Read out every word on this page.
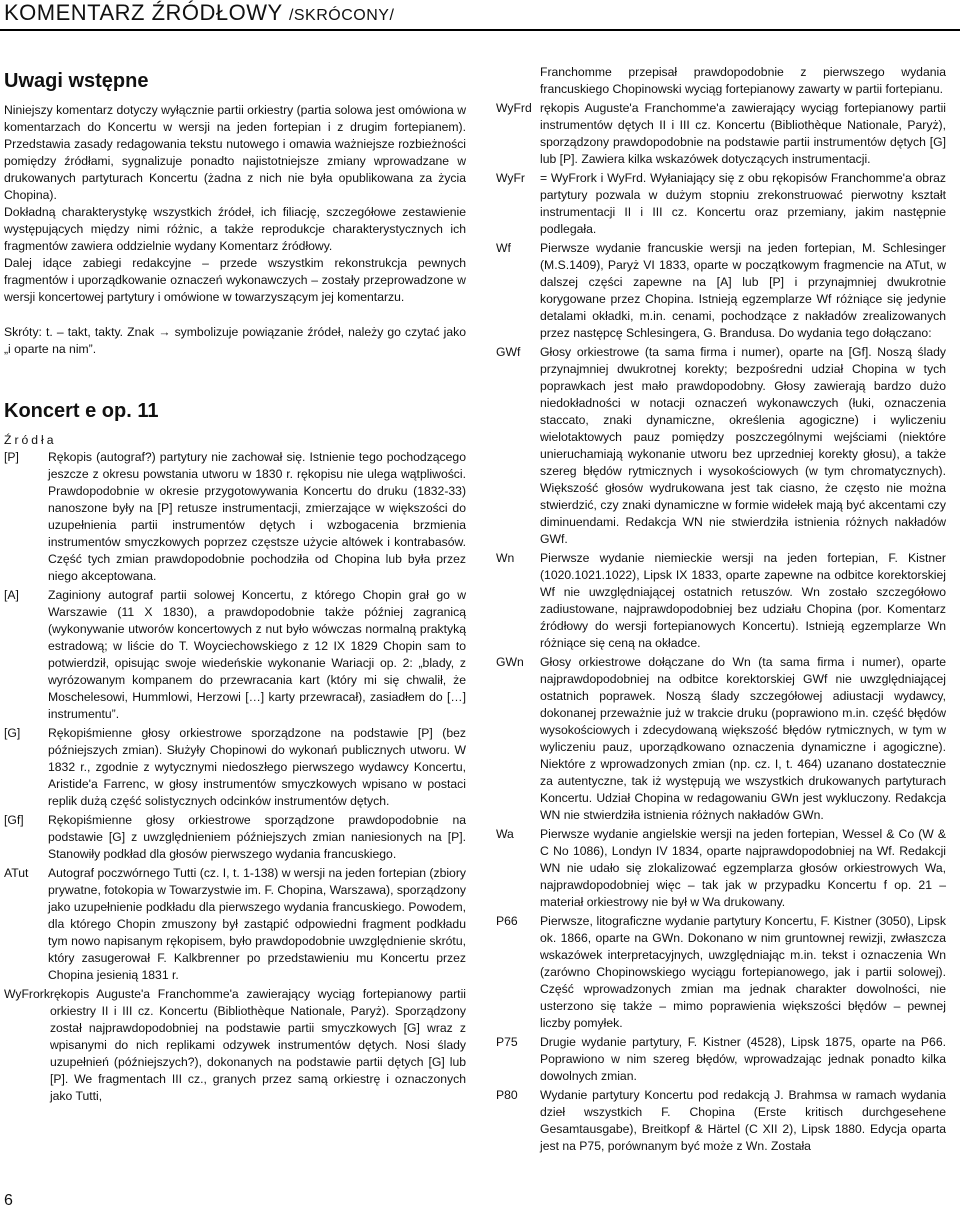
KOMENTARZ ŹRÓDŁOWY /SKRÓCONY/
Uwagi wstępne

Niniejszy komentarz dotyczy wyłącznie partii orkiestry (partia solowa jest omówiona w komentarzach do Koncertu w wersji na jeden fortepian i z drugim fortepianem). Przedstawia zasady redagowania tekstu nutowego i omawia ważniejsze rozbieżności pomiędzy źródłami, sygnalizuje ponadto najistotniejsze zmiany wprowadzane w drukowanych partyturach Koncertu (żadna z nich nie była opublikowana za życia Chopina).

Dokładną charakterystykę wszystkich źródeł, ich filiację, szczegółowe zestawienie występujących między nimi różnic, a także reprodukcje charakterystycznych ich fragmentów zawiera oddzielnie wydany Komentarz źródłowy.

Dalej idące zabiegi redakcyjne – przede wszystkim rekonstrukcja pewnych fragmentów i uporządkowanie oznaczeń wykonawczych – zostały przeprowadzone w wersji koncertowej partytury i omówione w towarzyszącym jej komentarzu.

Skróty: t. – takt, takty. Znak → symbolizuje powiązanie źródeł, należy go czytać jako „i oparte na nim”.

Koncert e op. 11

Źródła

[P]	Rękopis (autograf?) partytury nie zachował się. Istnienie tego pochodzącego jeszcze z okresu powstania utworu w 1830 r. rękopisu nie ulega wątpliwości. Prawdopodobnie w okresie przygotowywania Koncertu do druku (1832-33) nanoszone były na [P] retusze instrumentacji, zmierzające w większości do uzupełnienia partii instrumentów dętych i wzbogacenia brzmienia instrumentów smyczkowych poprzez częstsze użycie altówek i kontrabasów. Część tych zmian prawdopodobnie pochodziła od Chopina lub była przez niego akceptowana.
[A]	Zaginiony autograf partii solowej Koncertu, z którego Chopin grał go w Warszawie (11 X 1830), a prawdopodobnie także później zagranicą (wykonywanie utworów koncertowych z nut było wówczas normalną praktyką estradową; w liście do T. Woyciechowskiego z 12 IX 1829 Chopin sam to potwierdził, opisując swoje wiedeńskie wykonanie Wariacji op. 2: „blady, z wyrózowanym kompanem do przewracania kart (który mi się chwalił, że Moschelesowi, Hummlowi, Herzowi […] karty przewracał), zasiadłem do […] instrumentu”.
[G]	Rękopiśmienne głosy orkiestrowe sporządzone na podstawie [P] (bez późniejszych zmian). Służyły Chopinowi do wykonań publicznych utworu. W 1832 r., zgodnie z wytycznymi niedoszłego pierwszego wydawcy Koncertu, Aristide'a Farrenc, w głosy instrumentów smyczkowych wpisano w postaci replik dużą część solistycznych odcinków instrumentów dętych.
[Gf]	Rękopiśmienne głosy orkiestrowe sporządzone prawdopodobnie na podstawie [G] z uwzględnieniem późniejszych zmian naniesionych na [P]. Stanowiły podkład dla głosów pierwszego wydania francuskiego.
ATut	Autograf poczwórnego Tutti (cz. I, t. 1-138) w wersji na jeden fortepian (zbiory prywatne, fotokopia w Towarzystwie im. F. Chopina, Warszawa), sporządzony jako uzupełnienie podkładu dla pierwszego wydania francuskiego. Powodem, dla którego Chopin zmuszony był zastąpić odpowiedni fragment podkładu tym nowo napisanym rękopisem, było prawdopodobnie uwzględnienie skrótu, który zasugerował F. Kalkbrenner po przedstawieniu mu Koncertu przez Chopina jesienią 1831 r.
WyFrork rękopis Auguste'a Franchomme'a zawierający wyciąg fortepianowy partii orkiestry II i III cz. Koncertu (Bibliothèque Nationale, Paryż). Sporządzony został najprawdopodobniej na podstawie partii smyczkowych [G] wraz z wpisanymi do nich replikami odzywek instrumentów dętych. Nosi ślady uzupełnień (późniejszych?), dokonanych na podstawie partii dętych [G] lub [P]. We fragmentach III cz., granych przez samą orkiestrę i oznaczonych jako Tutti,
Franchomme przepisał prawdopodobnie z pierwszego wydania francuskiego Chopinowski wyciąg fortepianowy zawarty w partii fortepianu.
WyFrd rękopis Auguste'a Franchomme'a zawierający wyciąg fortepianowy partii instrumentów dętych II i III cz. Koncertu (Bibliothèque Nationale, Paryż), sporządzony prawdopodobnie na podstawie partii instrumentów dętych [G] lub [P]. Zawiera kilka wskazówek dotyczących instrumentacji.
WyFr	= WyFrork i WyFrd. Wyłaniający się z obu rękopisów Franchomme'a obraz partytury pozwala w dużym stopniu zrekonstruować pierwotny kształt instrumentacji II i III cz. Koncertu oraz przemiany, jakim następnie podlegała.
Wf	Pierwsze wydanie francuskie wersji na jeden fortepian, M. Schlesinger (M.S.1409), Paryż VI 1833, oparte w początkowym fragmencie na ATut, w dalszej części zapewne na [A] lub [P] i przynajmniej dwukrotnie korygowane przez Chopina. Istnieją egzemplarze Wf różniące się jedynie detalami okładki, m.in. cenami, pochodzące z nakładów zrealizowanych przez następcę Schlesingera, G. Brandusa. Do wydania tego dołączano:
GWf	Głosy orkiestrowe (ta sama firma i numer), oparte na [Gf]. Noszą ślady przynajmniej dwukrotnej korekty; bezpośredni udział Chopina w tych poprawkach jest mało prawdopodobny. Głosy zawierają bardzo dużo niedokładności w notacji oznaczeń wykonawczych (łuki, oznaczenia staccato, znaki dynamiczne, określenia agogiczne) i wyliczeniu wielotaktowych pauz pomiędzy poszczególnymi wejściami (niektóre unieruchamiają wykonanie utworu bez uprzedniej korekty głosu), a także szereg błędów rytmicznych i wysokościowych (w tym chromatycznych). Większość głosów wydrukowana jest tak ciasno, że często nie można stwierdzić, czy znaki dynamiczne w formie widełek mają być akcentami czy diminuendami. Redakcja WN nie stwierdziła istnienia różnych nakładów GWf.
Wn	Pierwsze wydanie niemieckie wersji na jeden fortepian, F. Kistner (1020.1021.1022), Lipsk IX 1833, oparte zapewne na odbitce korektorskiej Wf nie uwzględniającej ostatnich retuszów. Wn zostało szczegółowo zadiustowane, najprawdopodobniej bez udziału Chopina (por. Komentarz źródłowy do wersji fortepianowych Koncertu). Istnieją egzemplarze Wn różniące się ceną na okładce.
GWn	Głosy orkiestrowe dołączane do Wn (ta sama firma i numer), oparte najprawdopodobniej na odbitce korektorskiej GWf nie uwzględniającej ostatnich poprawek. Noszą ślady szczegółowej adiustacji wydawcy, dokonanej przeważnie już w trakcie druku (poprawiono m.in. część błędów wysokościowych i zdecydowaną większość błędów rytmicznych, w tym w wyliczeniu pauz, uporządkowano oznaczenia dynamiczne i agogiczne). Niektóre z wprowadzonych zmian (np. cz. I, t. 464) uzanano dostatecznie za autentyczne, tak iż występują we wszystkich drukowanych partyturach Koncertu. Udział Chopina w redagowaniu GWn jest wykluczony. Redakcja WN nie stwierdziła istnienia różnych nakładów GWn.
Wa	Pierwsze wydanie angielskie wersji na jeden fortepian, Wessel & Co (W & C No 1086), Londyn IV 1834, oparte najprawdopodobniej na Wf. Redakcji WN nie udało się zlokalizować egzemplarza głosów orkiestrowych Wa, najprawdopodobniej więc – tak jak w przypadku Koncertu f op. 21 – materiał orkiestrowy nie był w Wa drukowany.
P66	Pierwsze, litograficzne wydanie partytury Koncertu, F. Kistner (3050), Lipsk ok. 1866, oparte na GWn. Dokonano w nim gruntownej rewizji, zwłaszcza wskazówek interpretacyjnych, uwzględniając m.in. tekst i oznaczenia Wn (zarówno Chopinowskiego wyciągu fortepianowego, jak i partii solowej). Część wprowadzonych zmian ma jednak charakter dowolności, nie usterzono się także – mimo poprawienia większości błędów – pewnej liczby pomyłek.
P75	Drugie wydanie partytury, F. Kistner (4528), Lipsk 1875, oparte na P66. Poprawiono w nim szereg błędów, wprowadzając jednak ponadto kilka dowolnych zmian.
P80	Wydanie partytury Koncertu pod redakcją J. Brahmsa w ramach wydania dzieł wszystkich F. Chopina (Erste kritisch durchgesehene Gesamtausgabe), Breitkopf & Härtel (C XII 2), Lipsk 1880. Edycja oparta jest na P75, porównanym być może z Wn. Została
6
